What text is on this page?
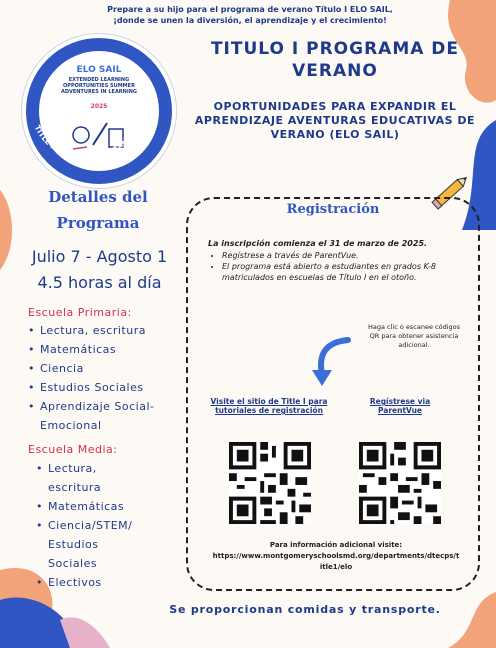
Prepare a su hijo para el programa de verano Título I ELO SAIL,
¡donde se unen la diversión, el aprendizaje y el crecimiento!
ELO SAIL
EXTENDED LEARNING OPPORTUNITIES SUMMER ADVENTURES IN LEARNING
2025
TITLE I SUMMER PROGRAMS
TITULO I PROGRAMA DE VERANO
OPORTUNIDADES PARA EXPANDIR EL APRENDIZAJE AVENTURAS EDUCATIVAS DE VERANO (ELO SAIL)
Detalles del Programa
Julio 7 - Agosto 1
4.5 horas al día
Escuela Primaria:
• Lectura, escritura
• Matemáticas
• Ciencia
• Estudios Sociales
• Aprendizaje Social-Emocional
Escuela Media:
• Lectura, escritura
• Matemáticas
• Ciencia/STEM/ Estudios Sociales
• Electivos
Registración
La inscripción comienza el 31 de marzo de 2025.
• Regístrese a través de ParentVue.
• El programa está abierto a estudiantes en grados K-8 matriculados en escuelas de Título I en el otoño.
Haga clic o escanee códigos QR para obtener asistencia adicional.
Visite el sitio de Title I para tutoriales de registración
Regístrese via ParentVue
Para información adicional visite:
https://www.montgomeryschoolsmd.org/departments/dtecps/title1/elo
Se proporcionan comidas y transporte.
